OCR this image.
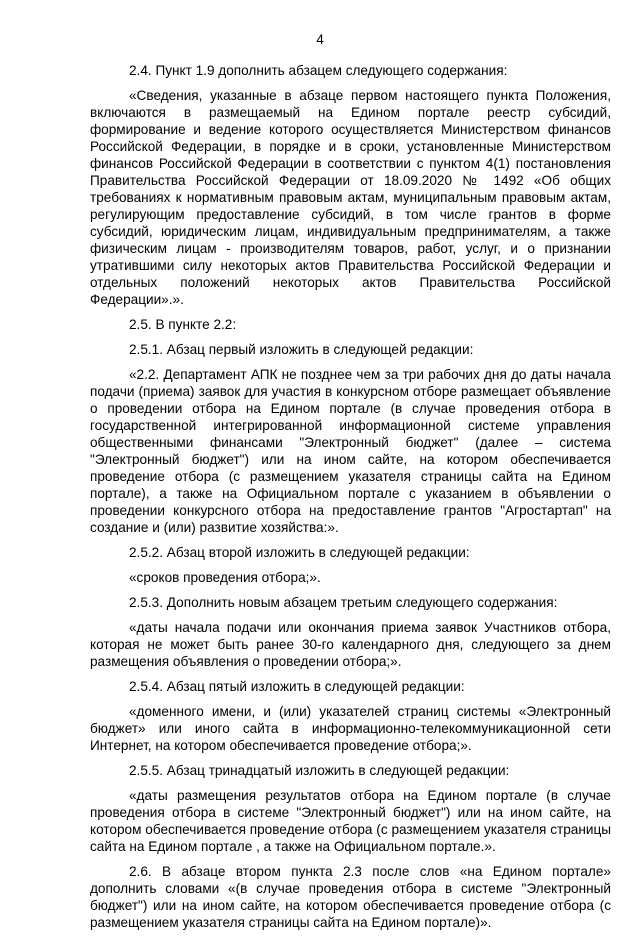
4

2.4. Пункт 1.9 дополнить абзацем следующего содержания:

«Сведения, указанные в абзаце первом настоящего пункта Положения, включаются в размещаемый на Едином портале реестр субсидий, формирование и ведение которого осуществляется Министерством финансов Российской Федерации, в порядке и в сроки, установленные Министерством финансов Российской Федерации в соответствии с пунктом 4(1) постановления Правительства Российской Федерации от 18.09.2020 № 1492 «Об общих требованиях к нормативным правовым актам, муниципальным правовым актам, регулирующим предоставление субсидий, в том числе грантов в форме субсидий, юридическим лицам, индивидуальным предпринимателям, а также физическим лицам - производителям товаров, работ, услуг, и о признании утратившими силу некоторых актов Правительства Российской Федерации и отдельных положений некоторых актов Правительства Российской Федерации».».

2.5. В пункте 2.2:

2.5.1. Абзац первый изложить в следующей редакции:

«2.2. Департамент АПК не позднее чем за три рабочих дня до даты начала подачи (приема) заявок для участия в конкурсном отборе размещает объявление о проведении отбора на Едином портале (в случае проведения отбора в государственной интегрированной информационной системе управления общественными финансами "Электронный бюджет" (далее – система "Электронный бюджет") или на ином сайте, на котором обеспечивается проведение отбора (с размещением указателя страницы сайта на Едином портале), а также на Официальном портале с указанием в объявлении о проведении конкурсного отбора на предоставление грантов "Агростартап" на создание и (или) развитие хозяйства:».

2.5.2. Абзац второй изложить в следующей редакции:

«сроков проведения отбора;».

2.5.3. Дополнить новым абзацем третьим следующего содержания:

«даты начала подачи или окончания приема заявок Участников отбора, которая не может быть ранее 30-го календарного дня, следующего за днем размещения объявления о проведении отбора;».

2.5.4. Абзац пятый изложить в следующей редакции:

«доменного имени, и (или) указателей страниц системы «Электронный бюджет» или иного сайта в информационно-телекоммуникационной сети Интернет, на котором обеспечивается проведение отбора;».

2.5.5. Абзац тринадцатый изложить в следующей редакции:

«даты размещения результатов отбора на Едином портале (в случае проведения отбора в системе "Электронный бюджет") или на ином сайте, на котором обеспечивается проведение отбора (с размещением указателя страницы сайта на Едином портале , а также на Официальном портале.».

2.6. В абзаце втором пункта 2.3 после слов «на Едином портале» дополнить словами «(в случае проведения отбора в системе "Электронный бюджет") или на ином сайте, на котором обеспечивается проведение отбора (с размещением указателя страницы сайта на Едином портале)».
